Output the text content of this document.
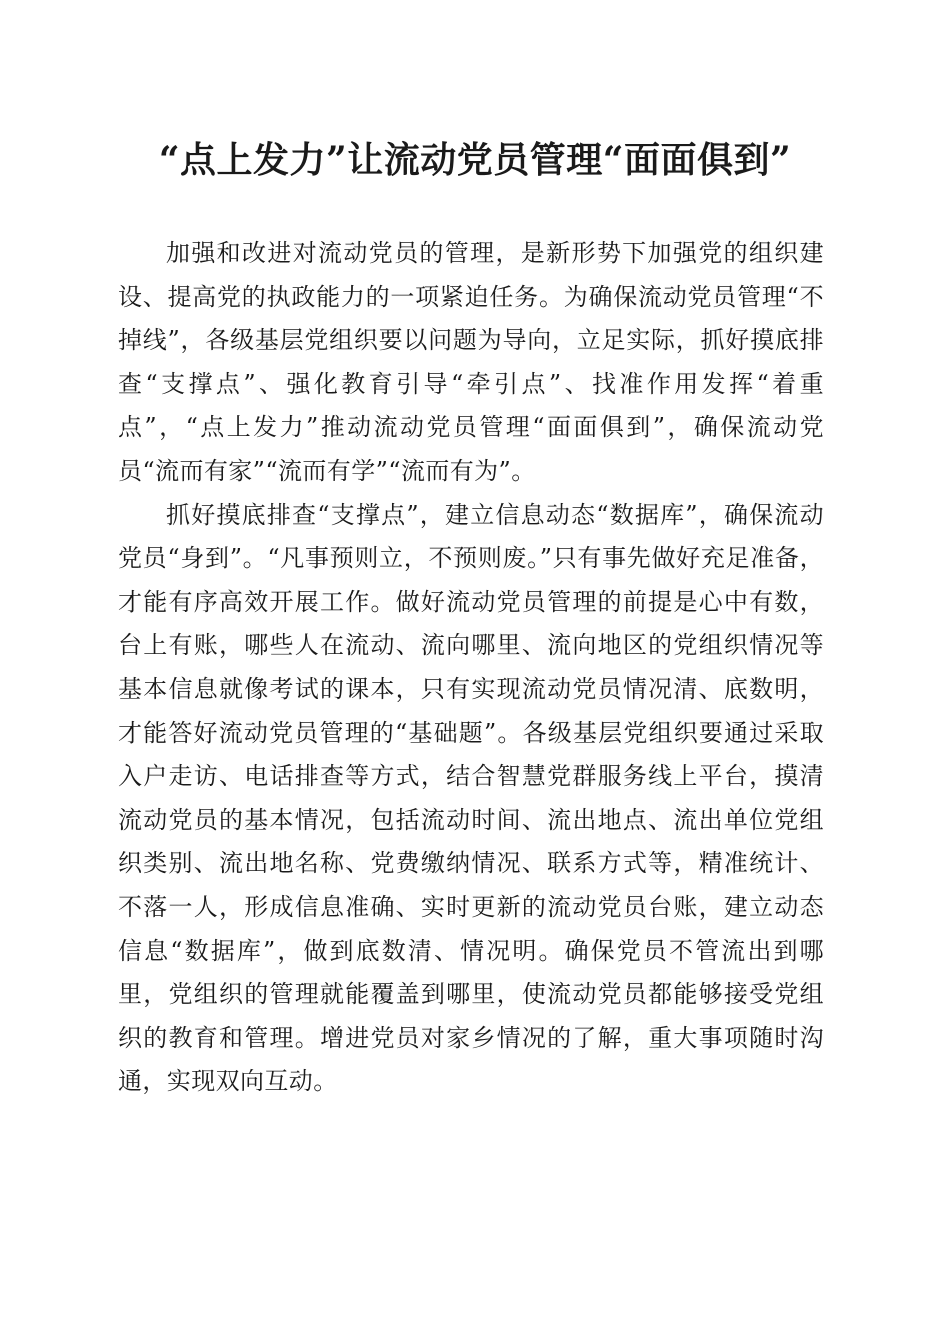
“点上发力”让流动党员管理“面面俱到”

加强和改进对流动党员的管理，是新形势下加强党的组织建设、提高党的执政能力的一项紧迫任务。为确保流动党员管理“不掉线”，各级基层党组织要以问题为导向，立足实际，抓好摸底排查“支撑点”、强化教育引导“牵引点”、找准作用发挥“着重点”，“点上发力”推动流动党员管理“面面俱到”，确保流动党员“流而有家”“流而有学”“流而有为”。

抓好摸底排查“支撑点”，建立信息动态“数据库”，确保流动党员“身到”。“凡事预则立，不预则废。”只有事先做好充足准备，才能有序高效开展工作。做好流动党员管理的前提是心中有数，台上有账，哪些人在流动、流向哪里、流向地区的党组织情况等基本信息就像考试的课本，只有实现流动党员情况清、底数明，才能答好流动党员管理的“基础题”。各级基层党组织要通过采取入户走访、电话排查等方式，结合智慧党群服务线上平台，摸清流动党员的基本情况，包括流动时间、流出地点、流出单位党组织类别、流出地名称、党费缴纳情况、联系方式等，精准统计、不落一人，形成信息准确、实时更新的流动党员台账，建立动态信息“数据库”，做到底数清、情况明。确保党员不管流出到哪里，党组织的管理就能覆盖到哪里，使流动党员都能够接受党组织的教育和管理。增进党员对家乡情况的了解，重大事项随时沟通，实现双向互动。
